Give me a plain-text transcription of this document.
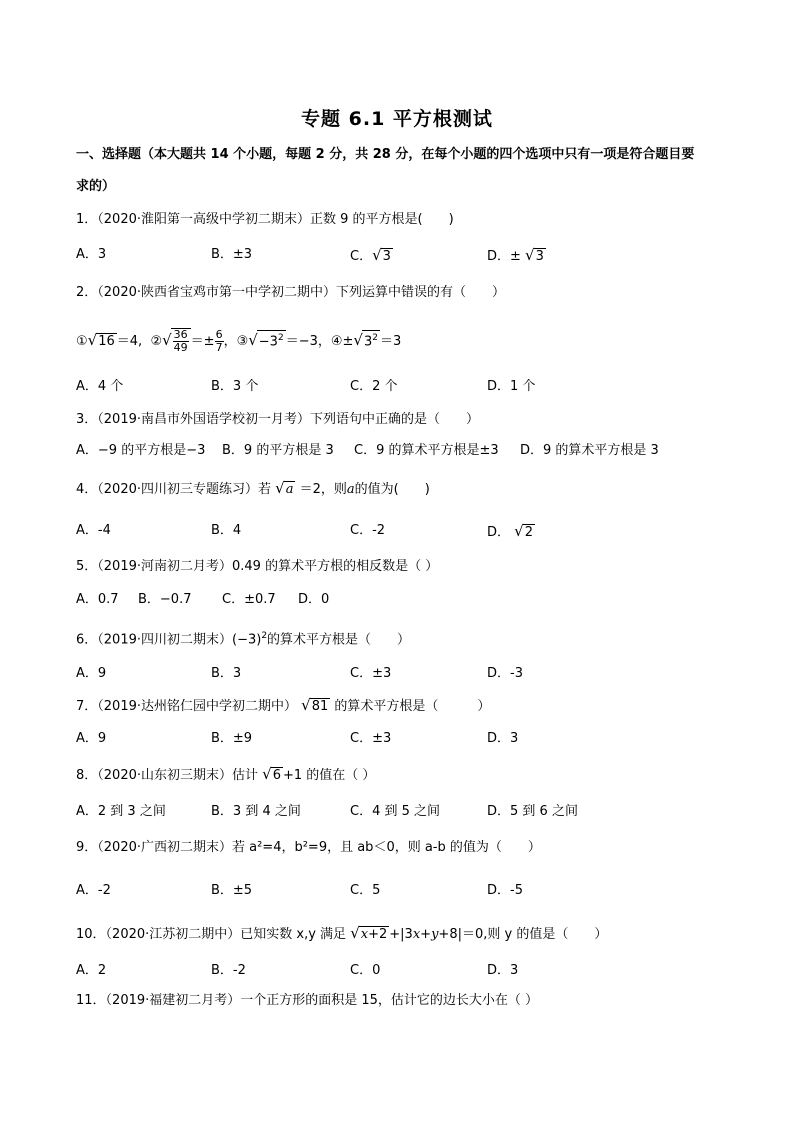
专题 6.1 平方根测试
一、选择题（本大题共 14 个小题，每题 2 分，共 28 分，在每个小题的四个选项中只有一项是符合题目要
求的）
1．（2020·淮阳第一高级中学初二期末）正数 9 的平方根是(　　)
A．3	B．±3	C．√3	D．± √3
2．（2020·陕西省宝鸡市第一中学初二期中）下列运算中错误的有（　　）
①√16 ＝4, ②√ $\frac{36}{49} =\pm \frac{6}{7}$ ，$③√-3^2 =-3$，$④\pm√3^2 =3$
A．4 个	B．3 个	C．2 个	D．1 个
3．（2019·南昌市外国语学校初一月考）下列语句中正确的是（　　）
A．−9 的平方根是−3 B．9 的平方根是 3 C．9 的算术平方根是±3 D．9 的算术平方根是 3
4．（2020·四川初三专题练习）若 √a ＝2，则a的值为(　　)
A．-4	B．4	C．-2	D． √2
5．（2019·河南初二月考）0.49 的算术平方根的相反数是（ ）
A．0.7 B．−0.7 C．±0.7 D．0
6．（2019·四川初二期末）$(-3)^2$的算术平方根是（　　）
A．9	B．3	C．±3	D．-3
7．（2019·达州铭仁园中学初二期中） √81 的算术平方根是（　　　）
A．9	B．±9	C．±3	D．3
8．（2020·山东初三期末）估计 √6 +1 的值在（ ）
A．2 到 3 之间	B．3 到 4 之间	C．4 到 5 之间	D．5 到 6 之间
9．（2020·广西初二期末）若 a²=4，b²=9，且 ab＜0，则 a-b 的值为（　　）
A．-2	B．±5	C．5	D．-5
10．（2020·江苏初二期中）已知实数 x,y 满足 √x+2 +|3x+y+8|＝0,则 y 的值是（　　）
A．2	B．-2	C．0	D．3
11．（2019·福建初二月考）一个正方形的面积是 15，估计它的边长大小在（ ）
